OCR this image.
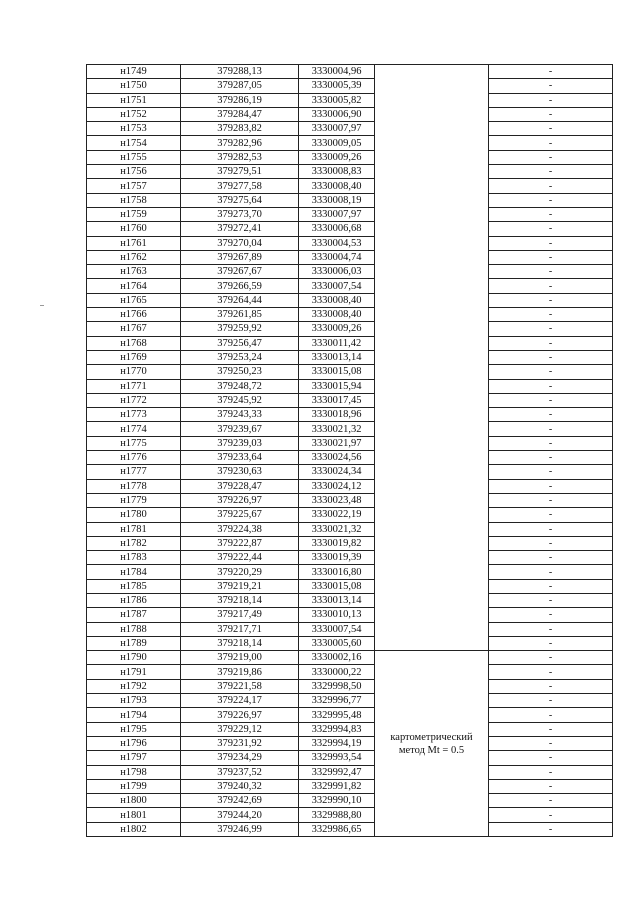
н1749	379288,13	3330004,96		-
н1750	379287,05	3330005,39		-
н1751	379286,19	3330005,82		-
н1752	379284,47	3330006,90		-
н1753	379283,82	3330007,97		-
н1754	379282,96	3330009,05		-
н1755	379282,53	3330009,26		-
н1756	379279,51	3330008,83		-
н1757	379277,58	3330008,40		-
н1758	379275,64	3330008,19		-
н1759	379273,70	3330007,97		-
н1760	379272,41	3330006,68		-
н1761	379270,04	3330004,53		-
н1762	379267,89	3330004,74		-
н1763	379267,67	3330006,03		-
н1764	379266,59	3330007,54		-
н1765	379264,44	3330008,40		-
н1766	379261,85	3330008,40		-
н1767	379259,92	3330009,26		-
н1768	379256,47	3330011,42		-
н1769	379253,24	3330013,14		-
н1770	379250,23	3330015,08		-
н1771	379248,72	3330015,94		-
н1772	379245,92	3330017,45		-
н1773	379243,33	3330018,96		-
н1774	379239,67	3330021,32		-
н1775	379239,03	3330021,97		-
н1776	379233,64	3330024,56		-
н1777	379230,63	3330024,34		-
н1778	379228,47	3330024,12		-
н1779	379226,97	3330023,48		-
н1780	379225,67	3330022,19		-
н1781	379224,38	3330021,32		-
н1782	379222,87	3330019,82		-
н1783	379222,44	3330019,39		-
н1784	379220,29	3330016,80		-
н1785	379219,21	3330015,08		-
н1786	379218,14	3330013,14		-
н1787	379217,49	3330010,13		-
н1788	379217,71	3330007,54		-
н1789	379218,14	3330005,60		-
н1790	379219,00	3330002,16	картометрический
метод Mt = 0.5	-
н1791	379219,86	3330000,22		-
н1792	379221,58	3329998,50		-
н1793	379224,17	3329996,77		-
н1794	379226,97	3329995,48		-
н1795	379229,12	3329994,83		-
н1796	379231,92	3329994,19		-
н1797	379234,29	3329993,54		-
н1798	379237,52	3329992,47		-
н1799	379240,32	3329991,82		-
н1800	379242,69	3329990,10		-
н1801	379244,20	3329988,80		-
н1802	379246,99	3329986,65		-
